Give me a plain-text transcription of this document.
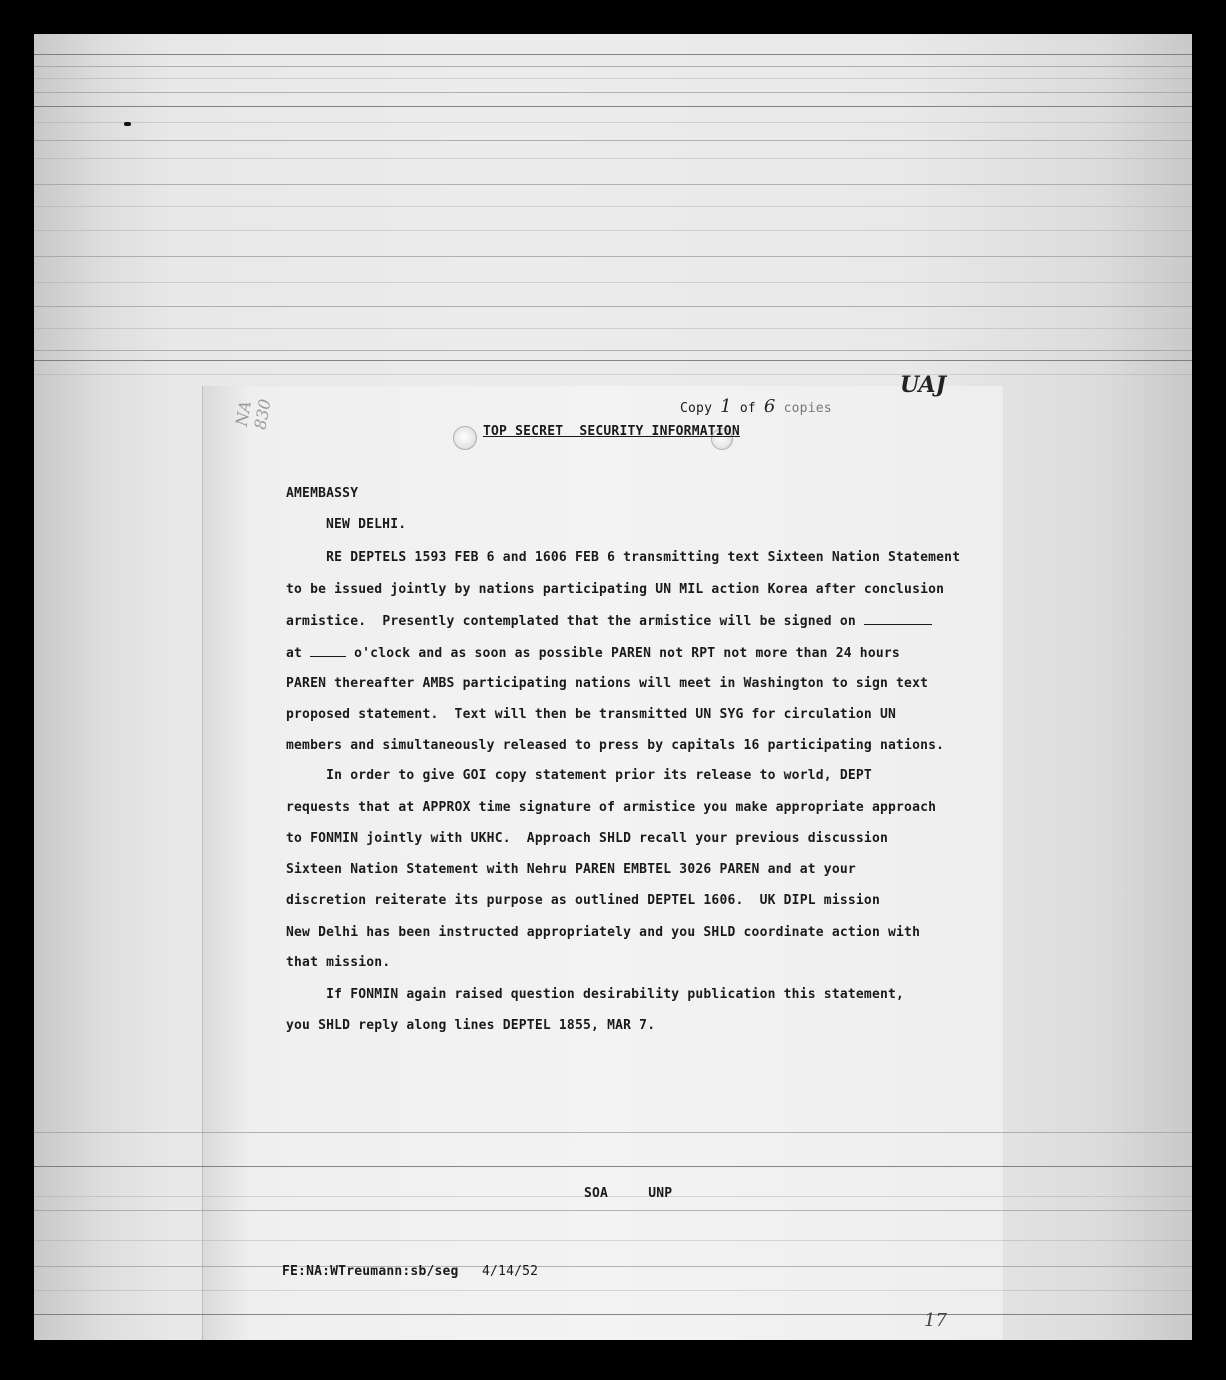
Copy 1 of 6 copies
UAJ
NA 830
TOP SECRET  SECURITY INFORMATION
AMEMBASSY
NEW DELHI.
RE DEPTELS 1593 FEB 6 and 1606 FEB 6 transmitting text Sixteen Nation Statement
to be issued jointly by nations participating UN MIL action Korea after conclusion
armistice.  Presently contemplated that the armistice will be signed on
at	o'clock and as soon as possible PAREN not RPT not more than 24 hours
PAREN thereafter AMBS participating nations will meet in Washington to sign text
proposed statement.  Text will then be transmitted UN SYG for circulation UN
members and simultaneously released to press by capitals 16 participating nations.
In order to give GOI copy statement prior its release to world, DEPT
requests that at APPROX time signature of armistice you make appropriate approach
to FONMIN jointly with UKHC.  Approach SHLD recall your previous discussion
Sixteen Nation Statement with Nehru PAREN EMBTEL 3026 PAREN and at your
discretion reiterate its purpose as outlined DEPTEL 1606.  UK DIPL mission
New Delhi has been instructed appropriately and you SHLD coordinate action with
that mission.
If FONMIN again raised question desirability publication this statement,
you SHLD reply along lines DEPTEL 1855, MAR 7.
SOA     UNP
FE:NA:WTreumann:sb/seg 4/14/52
17
